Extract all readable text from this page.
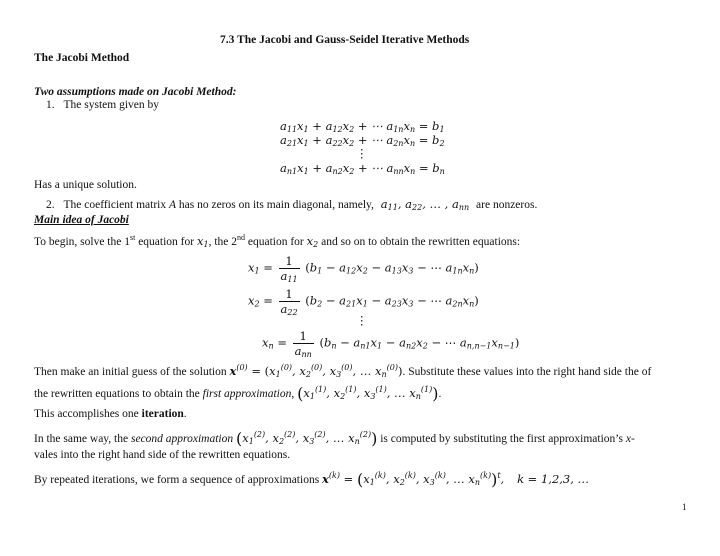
7.3 The Jacobi and Gauss-Seidel Iterative Methods
The Jacobi Method
Two assumptions made on Jacobi Method:
1. The system given by
$a_{11}x_1 + a_{12}x_2$ + ⋯ $a_{1n}x_n = b_1$
$a_{21}x_1 + a_{22}x_2$ + ⋯ $a_{2n}x_n = b_2$
⋮
$a_{n1}x_1 + a_{n2}x_2$ + ⋯ $a_{nn}x_n = b_n$
Has a unique solution.
2. The coefficient matrix A has no zeros on its main diagonal, namely, $a_{11}$, $a_{22}$, … , $a_{nn}$ are nonzeros.
Main idea of Jacobi
To begin, solve the 1st equation for $x_1$, the 2nd equation for $x_2$ and so on to obtain the rewritten equations:
$x_1 = \frac{1}{a_{11}} (b_1 - a_{12}x_2 - a_{13}x_3$ − ⋯ $a_{1n}x_n$)
$x_2 = \frac{1}{a_{22}} (b_2 - a_{21}x_1 - a_{23}x_3$ − ⋯ $a_{2n}x_n$)
⋮
$x_n = \frac{1}{a_{nn}} (b_n - a_{n1}x_1 - a_{n2}x_2$ − ⋯ $a_{n,n-1}x_{n-1}$)
Then make an initial guess of the solution $x^{(0)} = (x_1^{(0)}$, $x_2^{(0)}$, $x_3^{(0)}$, … $x_n^{(0)}$). Substitute these values into the right hand side the of
the rewritten equations to obtain the first approximation, ($x_1^{(1)}$, $x_2^{(1)}$, $x_3^{(1)}$, … $x_n^{(1)}$).
This accomplishes one iteration.
In the same way, the second approximation ($x_1^{(2)}$, $x_2^{(2)}$, $x_3^{(2)}$, … $x_n^{(2)}$) is computed by substituting the first approximation’s x-
vales into the right hand side of the rewritten equations.
By repeated iterations, we form a sequence of approximations $x^{(k)} = (x_1^{(k)}$, $x_2^{(k)}$, $x_3^{(k)}$, … $x_n^{(k)})^t$, k = 1,2,3, …
1
